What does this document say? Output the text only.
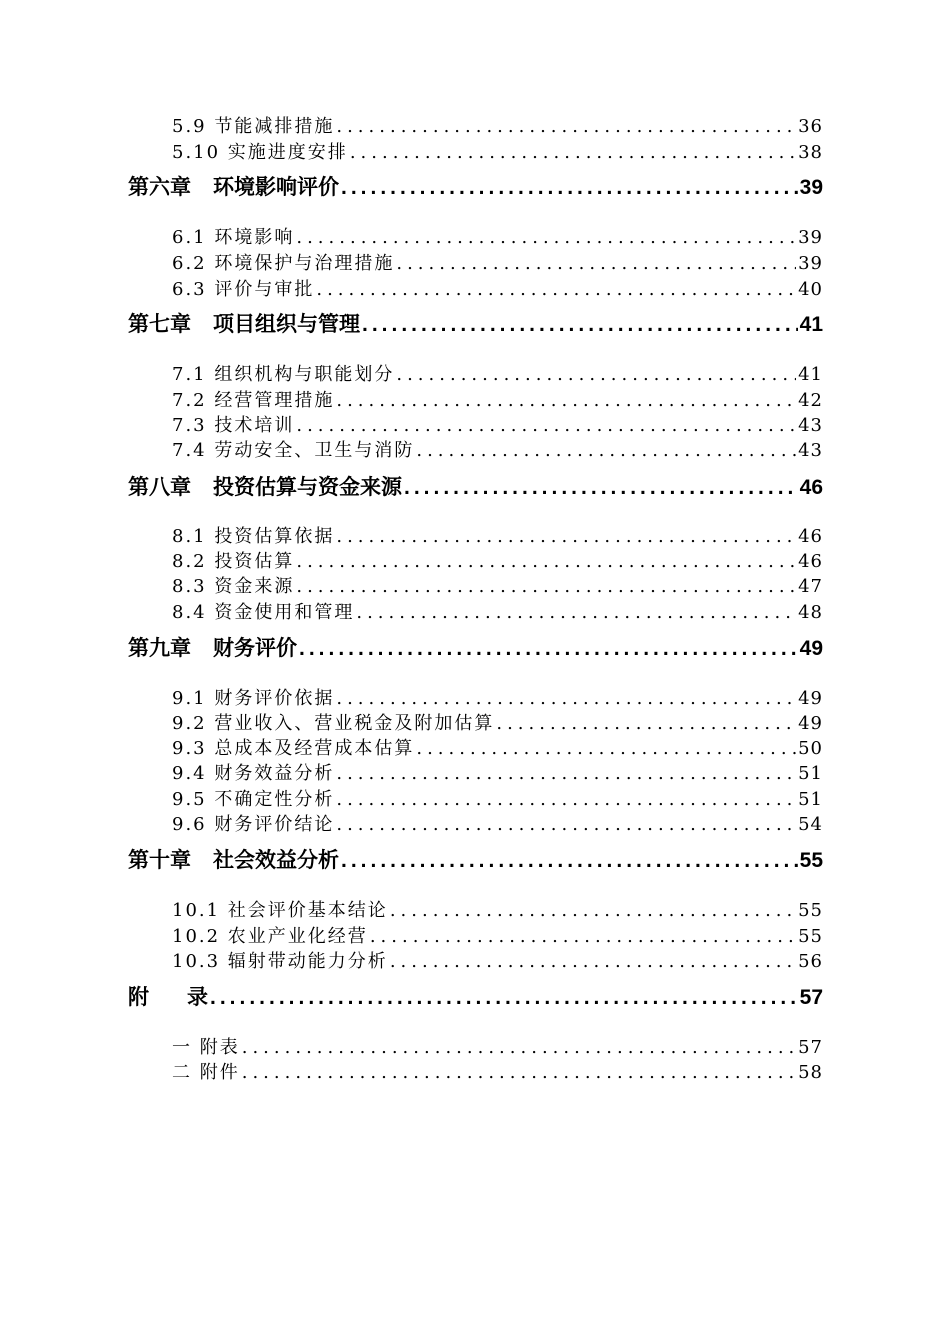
5.9 节能减排措施 .....	36
5.10 实施进度安排 .....	38
第六章 环境影响评价 .....	39
6.1 环境影响 .....	39
6.2 环境保护与治理措施 .....	39
6.3 评价与审批 .....	40
第七章 项目组织与管理 .....	41
7.1 组织机构与职能划分 .....	41
7.2 经营管理措施 .....	42
7.3 技术培训 .....	43
7.4 劳动安全、卫生与消防 .....	43
第八章 投资估算与资金来源 .....	46
8.1 投资估算依据 .....	46
8.2 投资估算 .....	46
8.3 资金来源 .....	47
8.4 资金使用和管理 .....	48
第九章 财务评价 .....	49
9.1 财务评价依据 .....	49
9.2 营业收入、营业税金及附加估算 .....	49
9.3 总成本及经营成本估算 .....	50
9.4 财务效益分析 .....	51
9.5 不确定性分析 .....	51
9.6 财务评价结论 .....	54
第十章 社会效益分析 .....	55
10.1 社会评价基本结论 .....	55
10.2 农业产业化经营 .....	55
10.3 辐射带动能力分析 .....	56
附 录 .....	57
一 附表 .....	57
二 附件 .....	58
